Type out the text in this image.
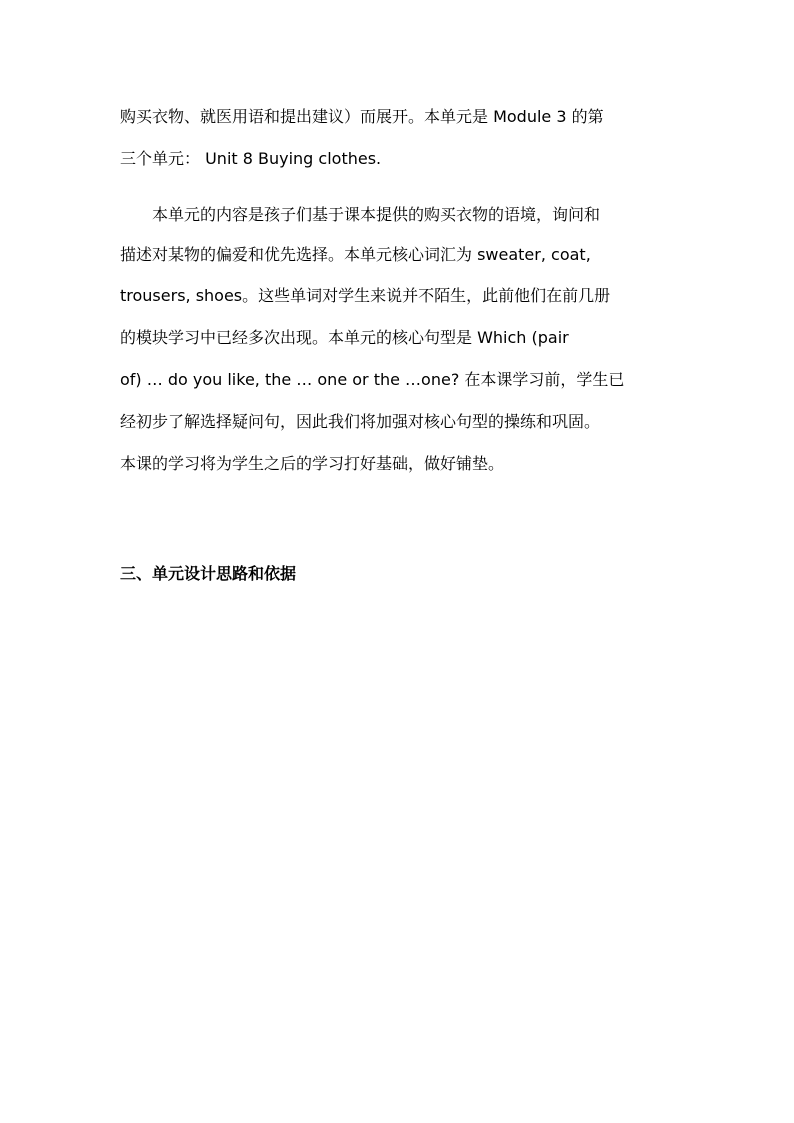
购买衣物、就医用语和提出建议）而展开。本单元是 Module 3 的第
三个单元： Unit 8 Buying clothes.
本单元的内容是孩子们基于课本提供的购买衣物的语境，询问和
描述对某物的偏爱和优先选择。本单元核心词汇为 sweater, coat,
trousers, shoes。这些单词对学生来说并不陌生，此前他们在前几册
的模块学习中已经多次出现。本单元的核心句型是 Which (pair
of) … do you like, the … one or the …one? 在本课学习前，学生已
经初步了解选择疑问句，因此我们将加强对核心句型的操练和巩固。
本课的学习将为学生之后的学习打好基础，做好铺垫。
三、单元设计思路和依据
